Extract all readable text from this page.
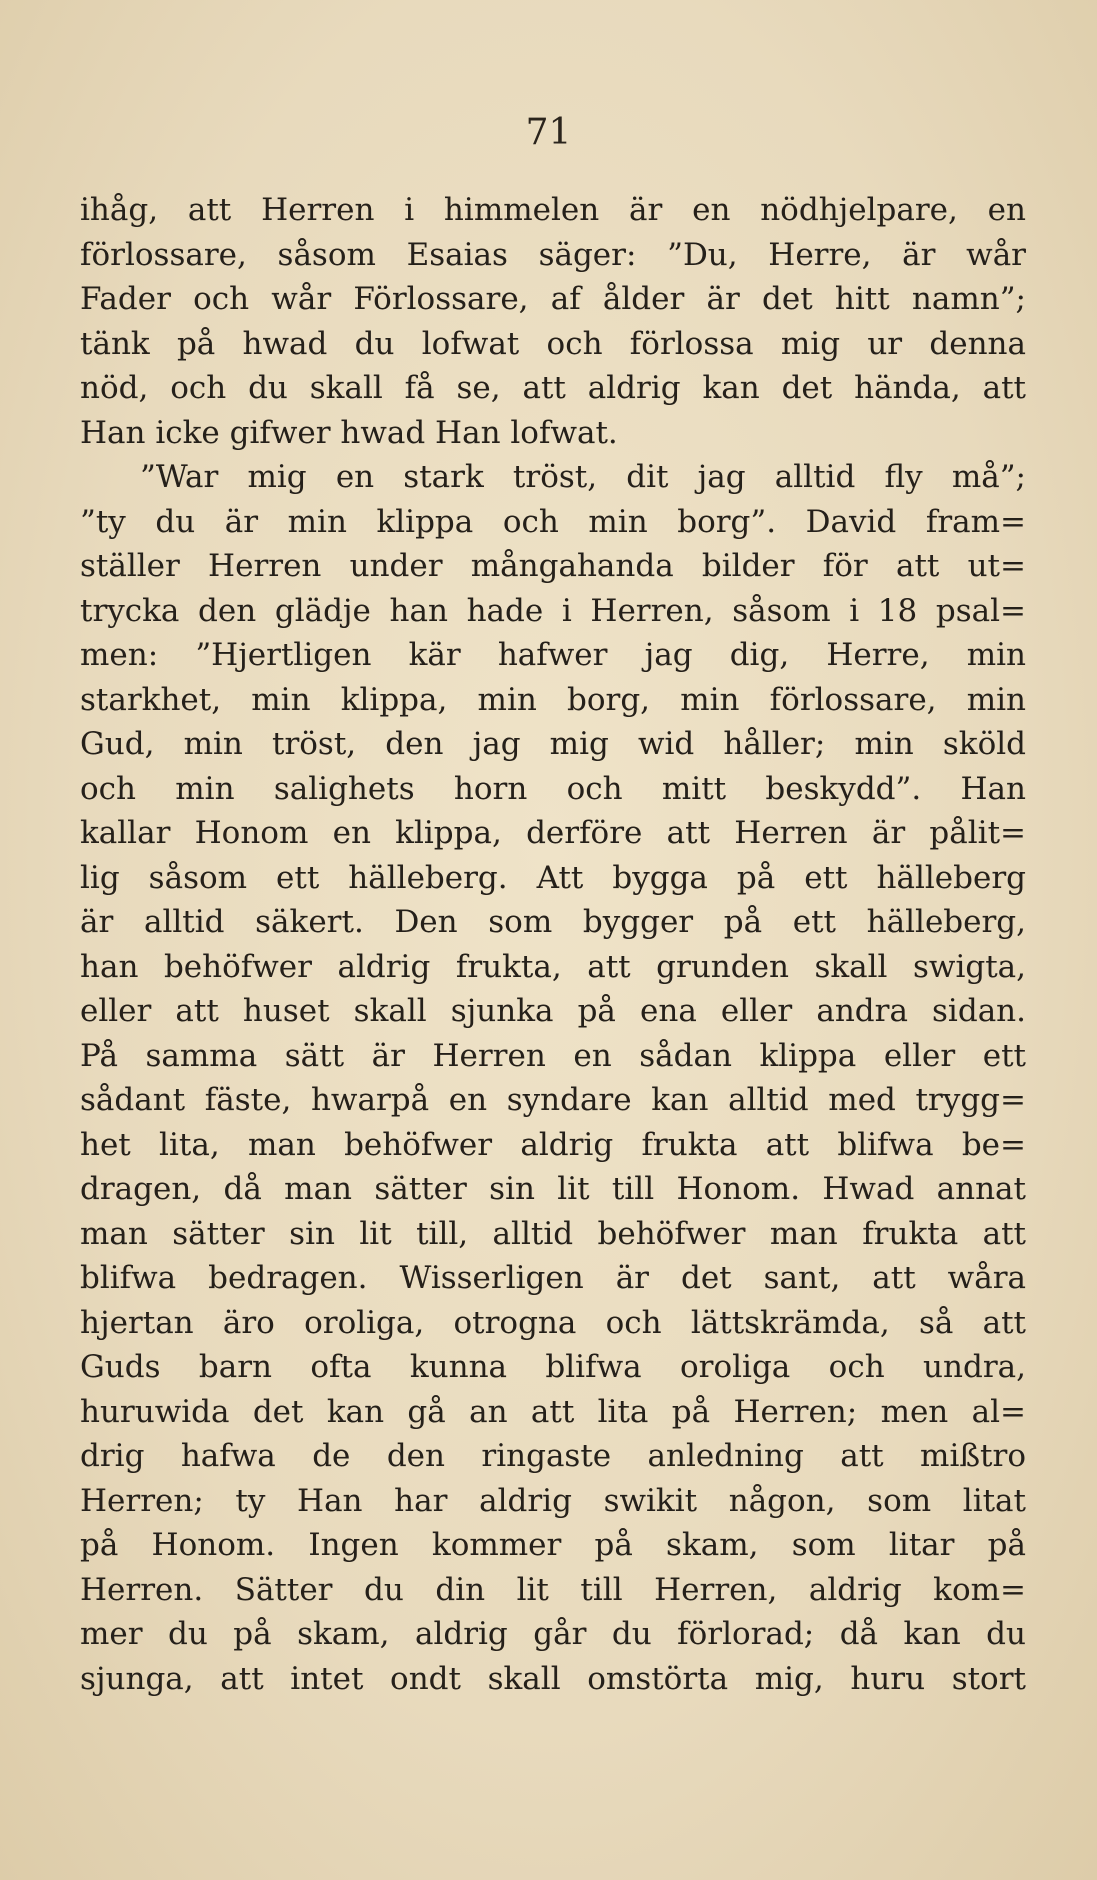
71
ihåg, att Herren i himmelen är en nödhjelpare, en
förlossare, såsom Esaias säger: ”Du, Herre, är wår
Fader och wår Förlossare, af ålder är det hitt namn”;
tänk på hwad du lofwat och förlossa mig ur denna
nöd, och du skall få se, att aldrig kan det hända, att
Han icke gifwer hwad Han lofwat.
”War mig en stark tröst, dit jag alltid fly må”;
”ty du är min klippa och min borg”. David fram=
ställer Herren under mångahanda bilder för att ut=
trycka den glädje han hade i Herren, såsom i 18 psal=
men: ”Hjertligen kär hafwer jag dig, Herre, min
starkhet, min klippa, min borg, min förlossare, min
Gud, min tröst, den jag mig wid håller; min sköld
och min salighets horn och mitt beskydd”. Han
kallar Honom en klippa, derföre att Herren är pålit=
lig såsom ett hälleberg. Att bygga på ett hälleberg
är alltid säkert. Den som bygger på ett hälleberg,
han behöfwer aldrig frukta, att grunden skall swigta,
eller att huset skall sjunka på ena eller andra sidan.
På samma sätt är Herren en sådan klippa eller ett
sådant fäste, hwarpå en syndare kan alltid med trygg=
het lita, man behöfwer aldrig frukta att blifwa be=
dragen, då man sätter sin lit till Honom. Hwad annat
man sätter sin lit till, alltid behöfwer man frukta att
blifwa bedragen. Wisserligen är det sant, att wåra
hjertan äro oroliga, otrogna och lättskrämda, så att
Guds barn ofta kunna blifwa oroliga och undra,
huruwida det kan gå an att lita på Herren; men al=
drig hafwa de den ringaste anledning att mißtro
Herren; ty Han har aldrig swikit någon, som litat
på Honom. Ingen kommer på skam, som litar på
Herren. Sätter du din lit till Herren, aldrig kom=
mer du på skam, aldrig går du förlorad; då kan du
sjunga, att intet ondt skall omstörta mig, huru stort
